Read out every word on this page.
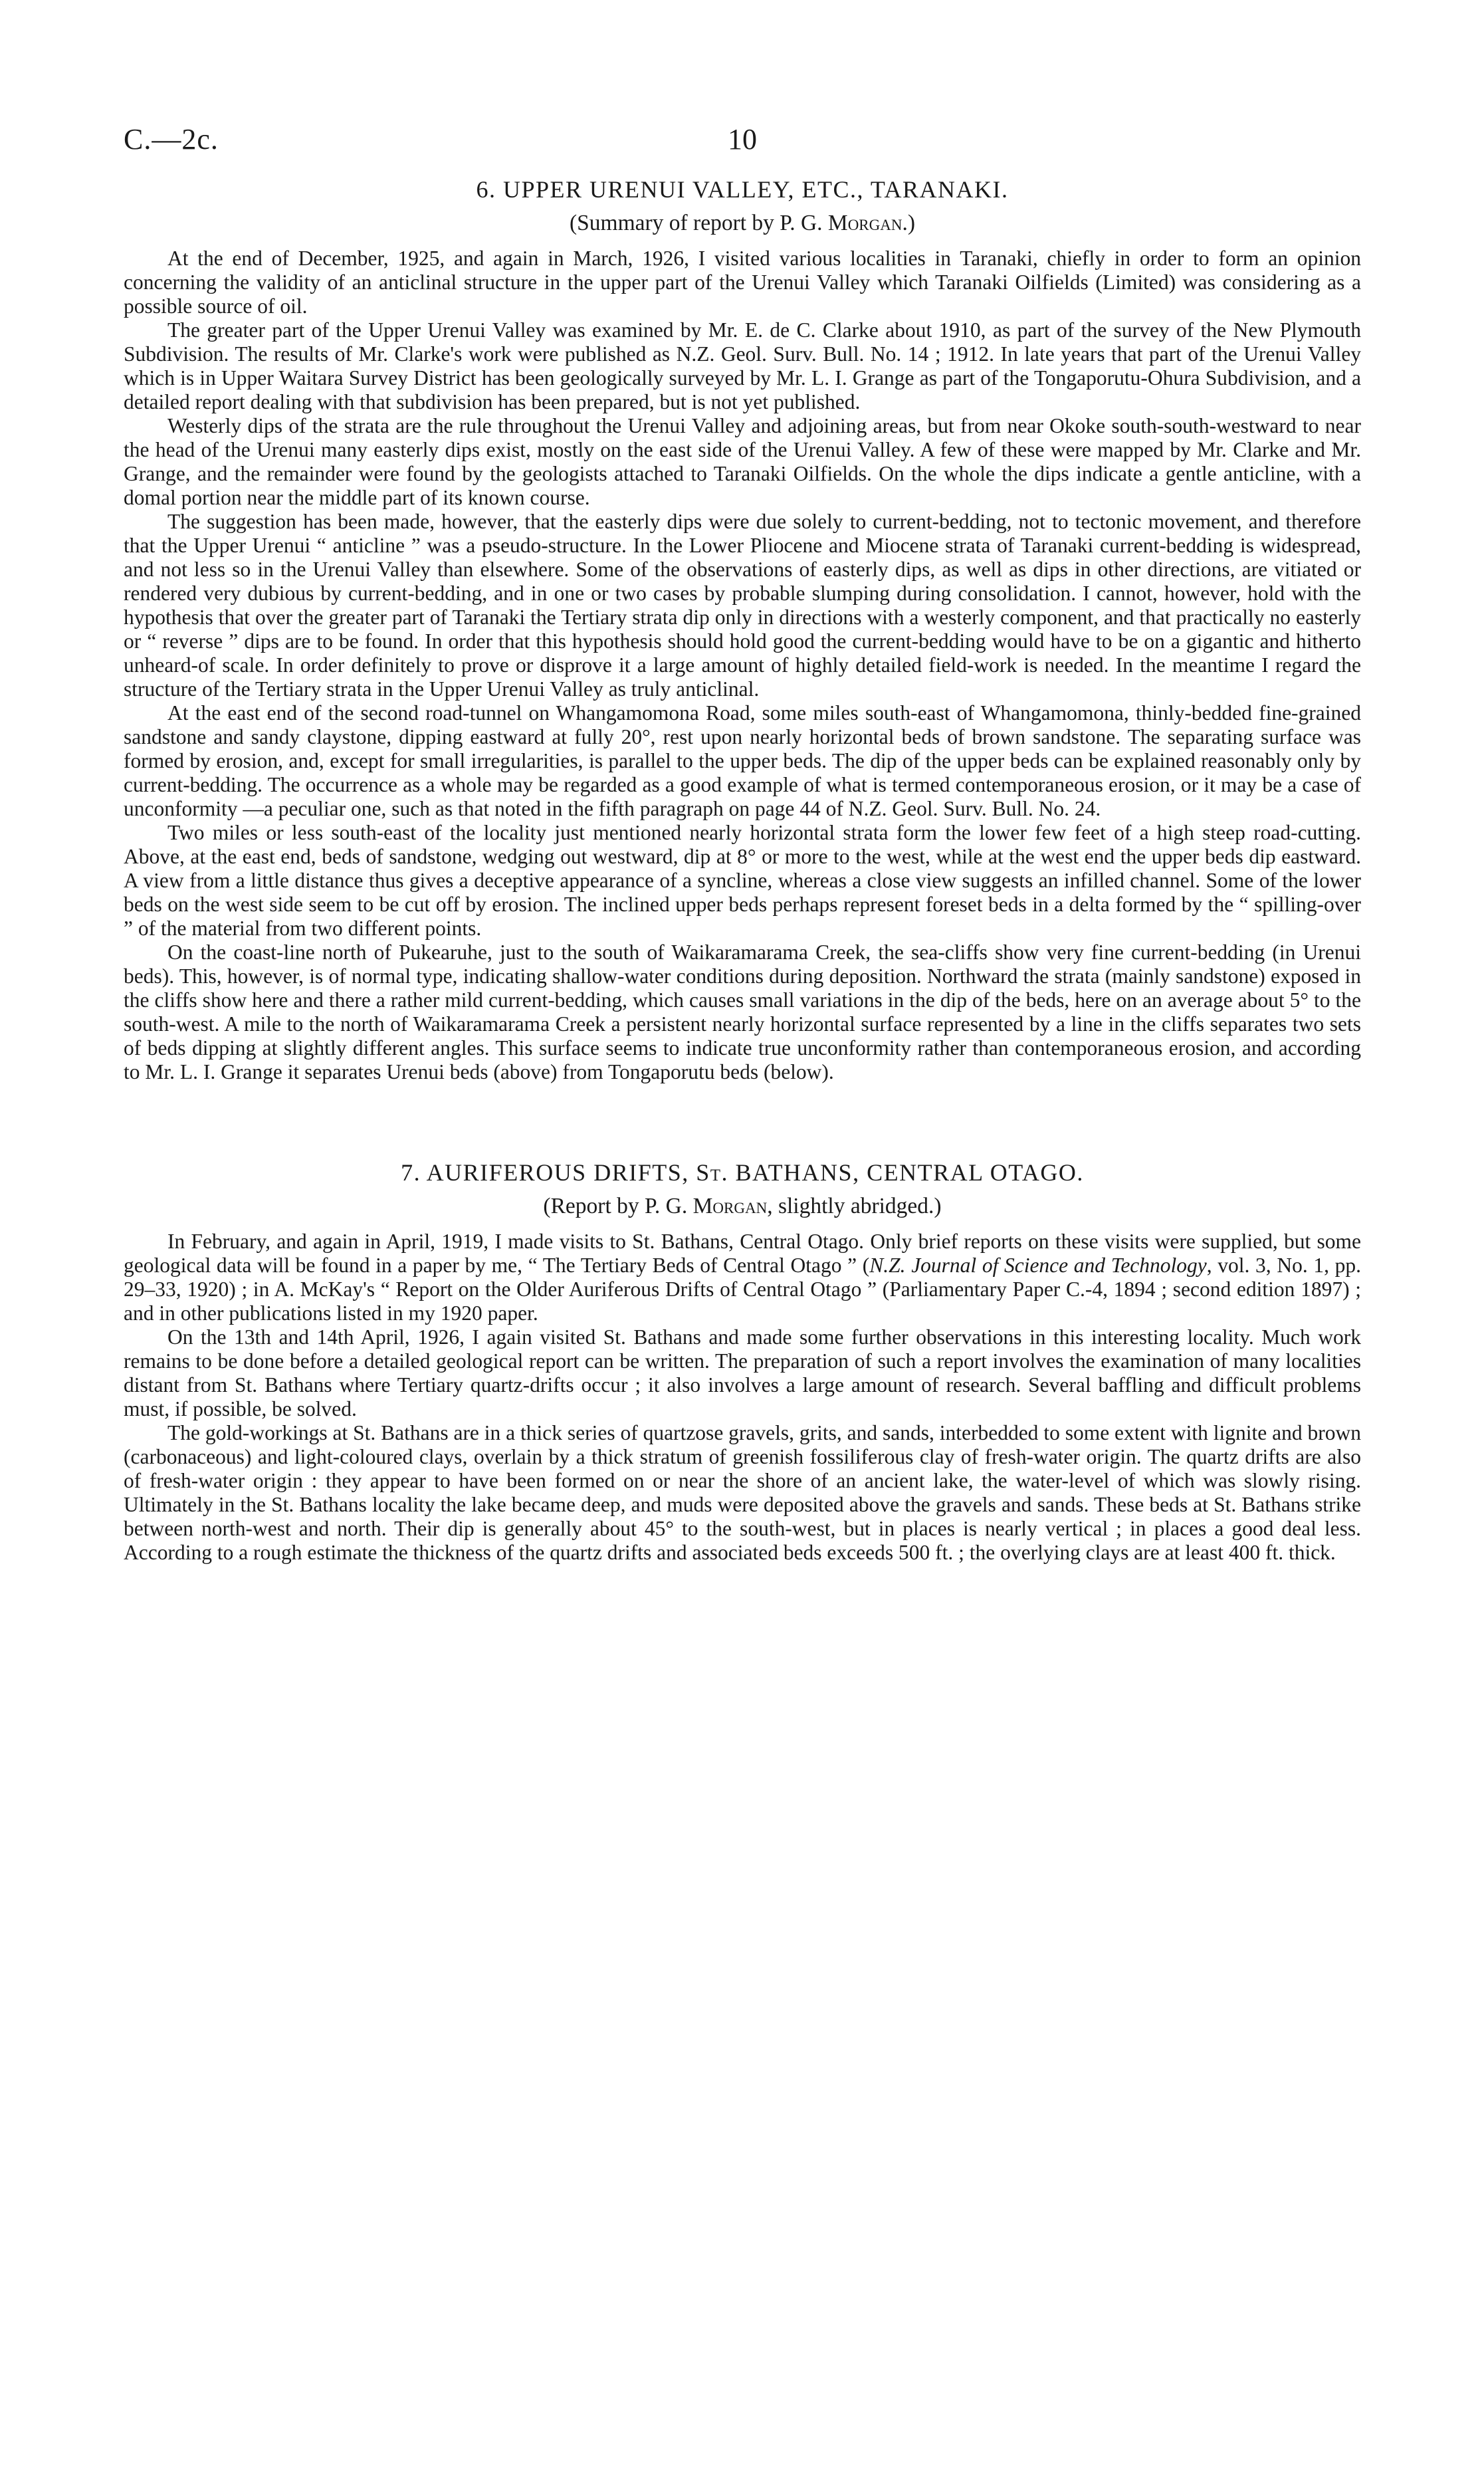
C.—2c.	10
6. UPPER URENUI VALLEY, ETC., TARANAKI.
(Summary of report by P. G. Morgan.)

At the end of December, 1925, and again in March, 1926, I visited various localities in Taranaki, chiefly in order to form an opinion concerning the validity of an anticlinal structure in the upper part of the Urenui Valley which Taranaki Oilfields (Limited) was considering as a possible source of oil.

The greater part of the Upper Urenui Valley was examined by Mr. E. de C. Clarke about 1910, as part of the survey of the New Plymouth Subdivision. The results of Mr. Clarke's work were published as N.Z. Geol. Surv. Bull. No. 14 ; 1912. In late years that part of the Urenui Valley which is in Upper Waitara Survey District has been geologically surveyed by Mr. L. I. Grange as part of the Tongaporutu-Ohura Subdivision, and a detailed report dealing with that subdivision has been prepared, but is not yet published.

Westerly dips of the strata are the rule throughout the Urenui Valley and adjoining areas, but from near Okoke south-south-westward to near the head of the Urenui many easterly dips exist, mostly on the east side of the Urenui Valley. A few of these were mapped by Mr. Clarke and Mr. Grange, and the remainder were found by the geologists attached to Taranaki Oilfields. On the whole the dips indicate a gentle anticline, with a domal portion near the middle part of its known course.

The suggestion has been made, however, that the easterly dips were due solely to current-bedding, not to tectonic movement, and therefore that the Upper Urenui “ anticline ” was a pseudo-structure. In the Lower Pliocene and Miocene strata of Taranaki current-bedding is widespread, and not less so in the Urenui Valley than elsewhere. Some of the observations of easterly dips, as well as dips in other directions, are vitiated or rendered very dubious by current-bedding, and in one or two cases by probable slumping during consolidation. I cannot, however, hold with the hypothesis that over the greater part of Taranaki the Tertiary strata dip only in directions with a westerly component, and that practically no easterly or “ reverse ” dips are to be found. In order that this hypothesis should hold good the current-bedding would have to be on a gigantic and hitherto unheard-of scale. In order definitely to prove or disprove it a large amount of highly detailed field-work is needed. In the meantime I regard the structure of the Tertiary strata in the Upper Urenui Valley as truly anticlinal.

At the east end of the second road-tunnel on Whangamomona Road, some miles south-east of Whangamomona, thinly-bedded fine-grained sandstone and sandy claystone, dipping eastward at fully 20°, rest upon nearly horizontal beds of brown sandstone. The separating surface was formed by erosion, and, except for small irregularities, is parallel to the upper beds. The dip of the upper beds can be explained reasonably only by current-bedding. The occurrence as a whole may be regarded as a good example of what is termed contemporaneous erosion, or it may be a case of unconformity —a peculiar one, such as that noted in the fifth paragraph on page 44 of N.Z. Geol. Surv. Bull. No. 24.

Two miles or less south-east of the locality just mentioned nearly horizontal strata form the lower few feet of a high steep road-cutting. Above, at the east end, beds of sandstone, wedging out westward, dip at 8° or more to the west, while at the west end the upper beds dip eastward. A view from a little distance thus gives a deceptive appearance of a syncline, whereas a close view suggests an infilled channel. Some of the lower beds on the west side seem to be cut off by erosion. The inclined upper beds perhaps represent foreset beds in a delta formed by the “ spilling-over ” of the material from two different points.

On the coast-line north of Pukearuhe, just to the south of Waikaramarama Creek, the sea-cliffs show very fine current-bedding (in Urenui beds). This, however, is of normal type, indicating shallow-water conditions during deposition. Northward the strata (mainly sandstone) exposed in the cliffs show here and there a rather mild current-bedding, which causes small variations in the dip of the beds, here on an average about 5° to the south-west. A mile to the north of Waikaramarama Creek a persistent nearly horizontal surface represented by a line in the cliffs separates two sets of beds dipping at slightly different angles. This surface seems to indicate true unconformity rather than contemporaneous erosion, and according to Mr. L. I. Grange it separates Urenui beds (above) from Tongaporutu beds (below).

7. AURIFEROUS DRIFTS, St. BATHANS, CENTRAL OTAGO.
(Report by P. G. Morgan, slightly abridged.)

In February, and again in April, 1919, I made visits to St. Bathans, Central Otago. Only brief reports on these visits were supplied, but some geological data will be found in a paper by me, “ The Tertiary Beds of Central Otago ” (N.Z. Journal of Science and Technology, vol. 3, No. 1, pp. 29–33, 1920) ; in A. McKay's “ Report on the Older Auriferous Drifts of Central Otago ” (Parliamentary Paper C.-4, 1894 ; second edition 1897) ; and in other publications listed in my 1920 paper.

On the 13th and 14th April, 1926, I again visited St. Bathans and made some further observations in this interesting locality. Much work remains to be done before a detailed geological report can be written. The preparation of such a report involves the examination of many localities distant from St. Bathans where Tertiary quartz-drifts occur ; it also involves a large amount of research. Several baffling and difficult problems must, if possible, be solved.

The gold-workings at St. Bathans are in a thick series of quartzose gravels, grits, and sands, interbedded to some extent with lignite and brown (carbonaceous) and light-coloured clays, overlain by a thick stratum of greenish fossiliferous clay of fresh-water origin. The quartz drifts are also of fresh-water origin : they appear to have been formed on or near the shore of an ancient lake, the water-level of which was slowly rising. Ultimately in the St. Bathans locality the lake became deep, and muds were deposited above the gravels and sands. These beds at St. Bathans strike between north-west and north. Their dip is generally about 45° to the south-west, but in places is nearly vertical ; in places a good deal less. According to a rough estimate the thickness of the quartz drifts and associated beds exceeds 500 ft. ; the overlying clays are at least 400 ft. thick.
